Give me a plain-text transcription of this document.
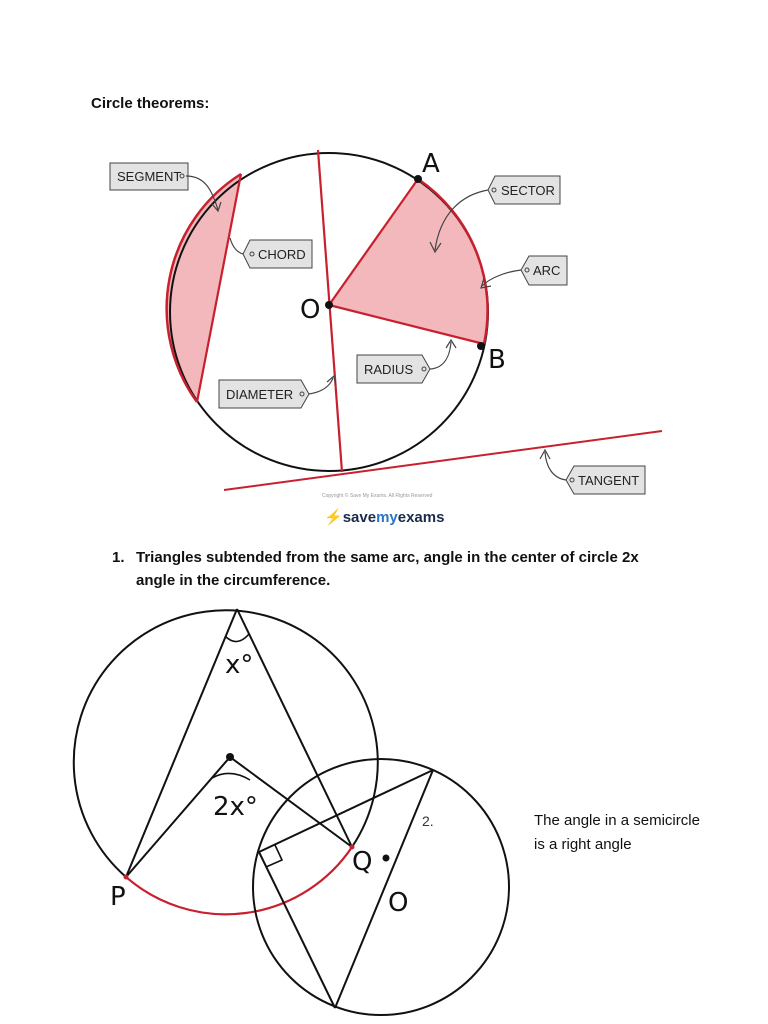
Circle theorems:
A
B
O
SEGMENT
CHORD
SECTOR
ARC
RADIUS
DIAMETER
TANGENT
x°
2x°
P
Q
O
2.
Copyright © Save My Exams. All Rights Reserved
⚡savemyexams
1. Triangles subtended from the same arc, angle in the center of circle 2x angle in the circumference.
The angle in a semicircle is a right angle
